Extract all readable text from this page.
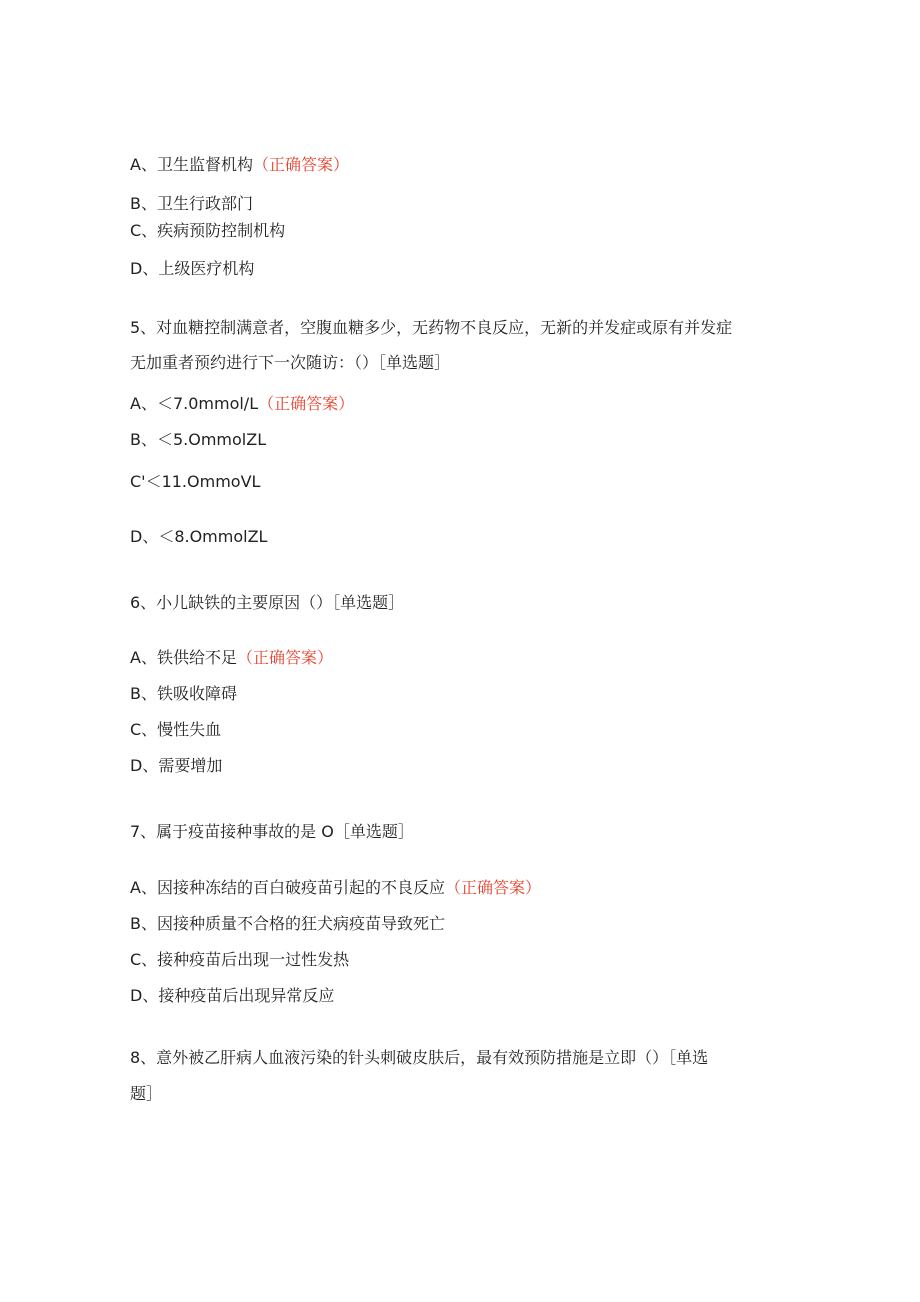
A、卫生监督机构（正确答案）
B、卫生行政部门
C、疾病预防控制机构
D、上级医疗机构
5、对血糖控制满意者，空腹血糖多少，无药物不良反应，无新的并发症或原有并发症
无加重者预约进行下一次随访：（）［单选题］
A、＜7.0mmol/L（正确答案）
B、＜5.OmmolZL
C'＜11.OmmoVL
D、＜8.OmmolZL
6、小儿缺铁的主要原因（）［单选题］
A、铁供给不足（正确答案）
B、铁吸收障碍
C、慢性失血
D、需要增加
7、属于疫苗接种事故的是 O［单选题］
A、因接种冻结的百白破疫苗引起的不良反应（正确答案）
B、因接种质量不合格的狂犬病疫苗导致死亡
C、接种疫苗后出现一过性发热
D、接种疫苗后出现异常反应
8、意外被乙肝病人血液污染的针头刺破皮肤后，最有效预防措施是立即（）［单选
题］
